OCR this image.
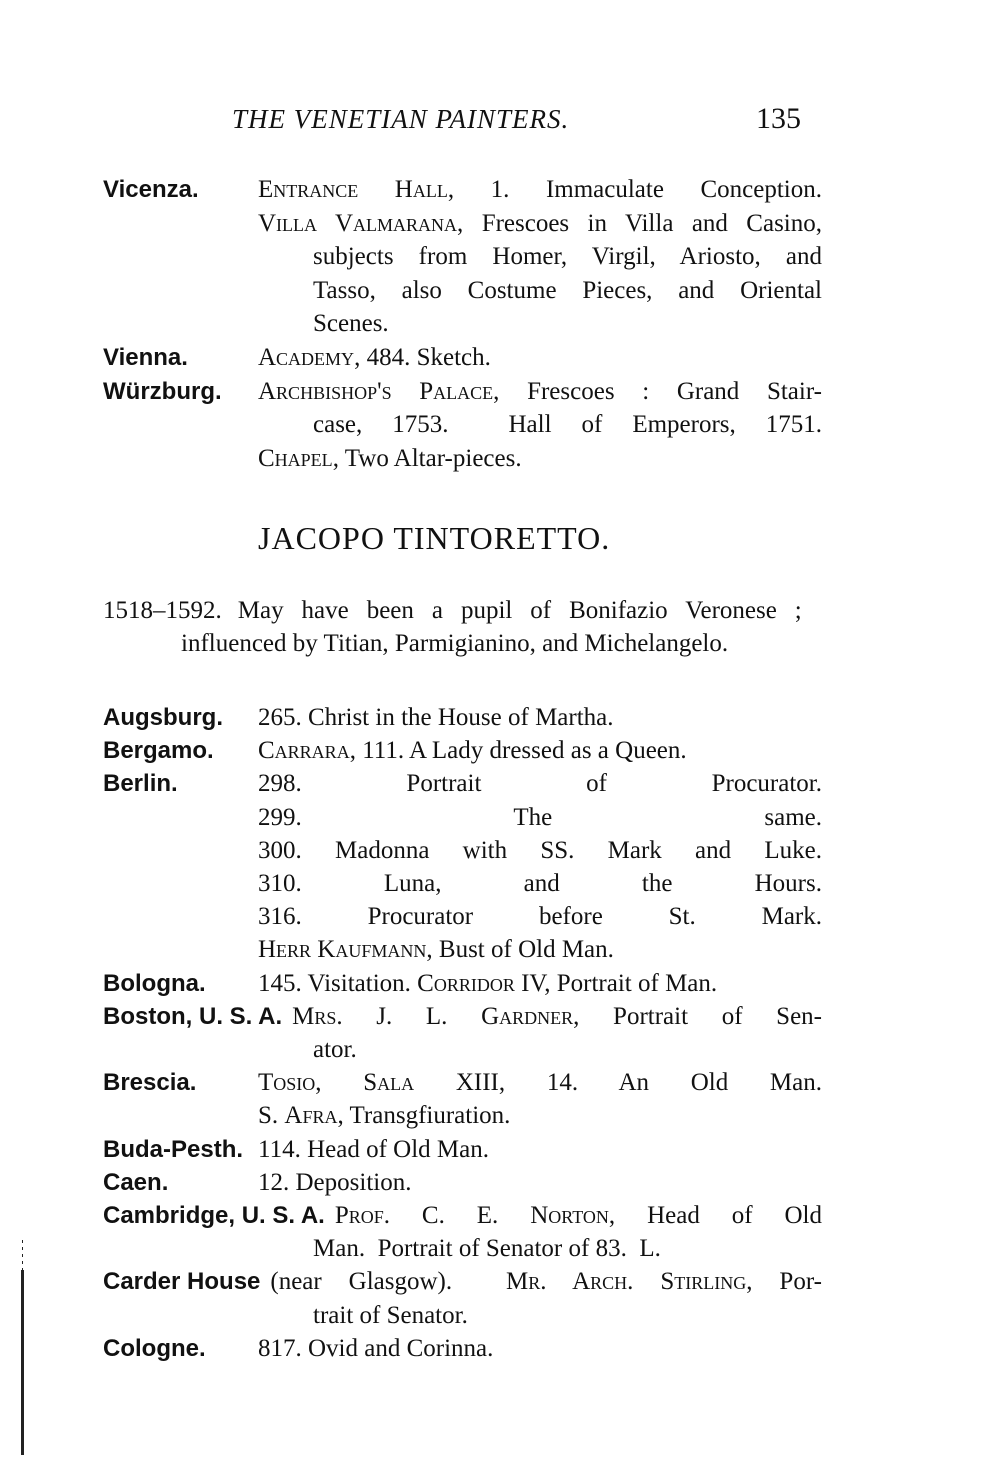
THE VENETIAN PAINTERS.	135
Vicenza.	Entrance Hall, 1. Immaculate Conception.
Villa Valmarana, Frescoes in Villa and Casino,
subjects from Homer, Virgil, Ariosto, and
Tasso, also Costume Pieces, and Oriental
Scenes.
Vienna.	Academy, 484. Sketch.
Würzburg.	Archbishop's Palace, Frescoes : Grand Stair-
case, 1753.  Hall of Emperors, 1751.
Chapel, Two Altar-pieces.
JACOPO TINTORETTO.
1518–1592. May have been a pupil of Bonifazio Veronese ;
influenced by Titian, Parmigianino, and Michelangelo.
Augsburg.	265. Christ in the House of Martha.
Bergamo.	Carrara, 111. A Lady dressed as a Queen.
Berlin.	298. Portrait of Procurator.
299. The same.
300. Madonna with SS. Mark and Luke.
310. Luna, and the Hours.
316. Procurator before St. Mark.
Herr Kaufmann, Bust of Old Man.
Bologna.	145. Visitation. Corridor IV, Portrait of Man.
Boston, U. S. A. Mrs. J. L. Gardner, Portrait of Sen-
ator.
Brescia.	Tosio, Sala XIII, 14. An Old Man.
S. Afra, Transgfiuration.
Buda-Pesth. 114. Head of Old Man.
Caen.	12. Deposition.
Cambridge, U. S. A. Prof. C. E. Norton, Head of Old
Man.  Portrait of Senator of 83.  L.
Carder House (near Glasgow).  Mr. Arch. Stirling, Por-
trait of Senator.
Cologne.	817. Ovid and Corinna.
